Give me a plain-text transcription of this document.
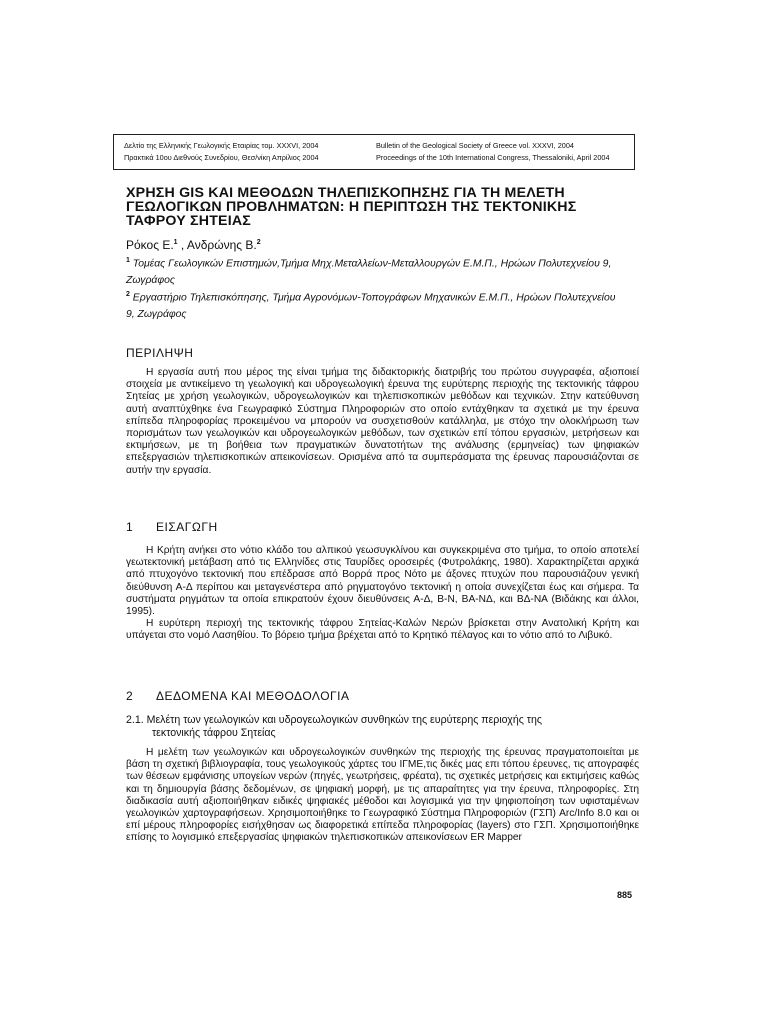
Δελτίο της Ελληνικής Γεωλογικής Εταιρίας τομ. XXXVI, 2004
Πρακτικά 10ου Διεθνούς Συνεδρίου, Θεσ/νίκη Απρίλιος 2004
Bulletin of the Geological Society of Greece vol. XXXVI, 2004
Proceedings of the 10th International Congress, Thessaloniki, April 2004
ΧΡΗΣΗ GIS ΚΑΙ ΜΕΘΟΔΩΝ ΤΗΛΕΠΙΣΚΟΠΗΣΗΣ ΓΙΑ ΤΗ ΜΕΛΕΤΗ ΓΕΩΛΟΓΙΚΩΝ ΠΡΟΒΛΗΜΑΤΩΝ: Η ΠΕΡΙΠΤΩΣΗ ΤΗΣ ΤΕΚΤΟΝΙΚΗΣ ΤΑΦΡΟΥ ΣΗΤΕΙΑΣ
Ρόκος Ε.$^1$ , Ανδρώνης Β.$^2$
$^1$ Τομέας Γεωλογικών Επιστημών,Τμήμα Μηχ.Μεταλλείων-Μεταλλουργών Ε.Μ.Π., Ηρώων Πολυτεχνείου 9, Ζωγράφος
$^2$ Εργαστήριο Τηλεπισκόπησης, Τμήμα Αγρονόμων-Τοπογράφων Μηχανικών Ε.Μ.Π., Ηρώων Πολυτεχνείου 9, Ζωγράφος
ΠΕΡΙΛΗΨΗ

Η εργασία αυτή που μέρος της είναι τμήμα της διδακτορικής διατριβής του πρώτου συγγραφέα, αξιοποιεί στοιχεία με αντικείμενο τη γεωλογική και υδρογεωλογική έρευνα της ευρύτερης περιοχής της τεκτονικής τάφρου Σητείας με χρήση γεωλογικών, υδρογεωλογικών και τηλεπισκοπικών μεθόδων και τεχνικών. Στην κατεύθυνση αυτή αναπτύχθηκε ένα Γεωγραφικό Σύστημα Πληροφοριών στο οποίο εντάχθηκαν τα σχετικά με την έρευνα επίπεδα πληροφορίας προκειμένου να μπορούν να συσχετισθούν κατάλληλα, με στόχο την ολοκλήρωση των πορισμάτων των γεωλογικών και υδρογεωλογικών μεθόδων, των σχετικών επί τόπου εργασιών, μετρήσεων και εκτιμήσεων, με τη βοήθεια των πραγματικών δυνατοτήτων της ανάλυσης (ερμηνείας) των ψηφιακών επεξεργασιών τηλεπισκοπικών απεικονίσεων. Ορισμένα από τα συμπεράσματα της έρευνας παρουσιάζονται σε αυτήν την εργασία.

1 ΕΙΣΑΓΩΓΗ

Η Κρήτη ανήκει στο νότιο κλάδο του αλπικού γεωσυγκλίνου και συγκεκριμένα στο τμήμα, το οποίο αποτελεί γεωτεκτονική μετάβαση από τις Ελληνίδες στις Ταυρίδες οροσειρές (Φυτρολάκης, 1980). Χαρακτηρίζεται αρχικά από πτυχογόνο τεκτονική που επέδρασε από Βορρά προς Νότο με άξονες πτυχών που παρουσιάζουν γενική διεύθυνση Α-Δ περίπου και μεταγενέστερα από ρηγματογόνο τεκτονική η οποία συνεχίζεται έως και σήμερα. Τα συστήματα ρηγμάτων τα οποία επικρατούν έχουν διευθύνσεις Α-Δ, Β-Ν, ΒΑ-ΝΔ, και ΒΔ-ΝΑ (Βιδάκης και άλλοι, 1995).

Η ευρύτερη περιοχή της τεκτονικής τάφρου Σητείας-Καλών Νερών βρίσκεται στην Ανατολική Κρήτη και υπάγεται στο νομό Λασηθίου. Το βόρειο τμήμα βρέχεται από το Κρητικό πέλαγος και το νότιο από το Λιβυκό.

2 ΔΕΔΟΜΕΝΑ ΚΑΙ ΜΕΘΟΔΟΛΟΓΙΑ
2.1. Μελέτη των γεωλογικών και υδρογεωλογικών συνθηκών της ευρύτερης περιοχής της
τεκτονικής τάφρου Σητείας

Η μελέτη των γεωλογικών και υδρογεωλογικών συνθηκών της περιοχής της έρευνας πραγματοποιείται με βάση τη σχετική βιβλιογραφία, τους γεωλογικούς χάρτες του ΙΓΜΕ,τις δικές μας επι τόπου έρευνες, τις απογραφές των θέσεων εμφάνισης υπογείων νερών (πηγές, γεωτρήσεις, φρέατα), τις σχετικές μετρήσεις και εκτιμήσεις καθώς και τη δημιουργία βάσης δεδομένων, σε ψηφιακή μορφή, με τις απαραίτητες για την έρευνα, πληροφορίες. Στη διαδικασία αυτή αξιοποιήθηκαν ειδικές ψηφιακές μέθοδοι και λογισμικά για την ψηφιοποίηση των υφισταμένων γεωλογικών χαρτογραφήσεων. Χρησιμοποιήθηκε το Γεωγραφικό Σύστημα Πληροφοριών (ΓΣΠ) Arc/Info 8.0 και οι επί μέρους πληροφορίες εισήχθησαν ως διαφορετικά επίπεδα πληροφορίας (layers) στο ΓΣΠ. Χρησιμοποιήθηκε επίσης το λογισμικό επεξεργασίας ψηφιακών τηλεπισκοπικών απεικονίσεων ER Mapper

885
